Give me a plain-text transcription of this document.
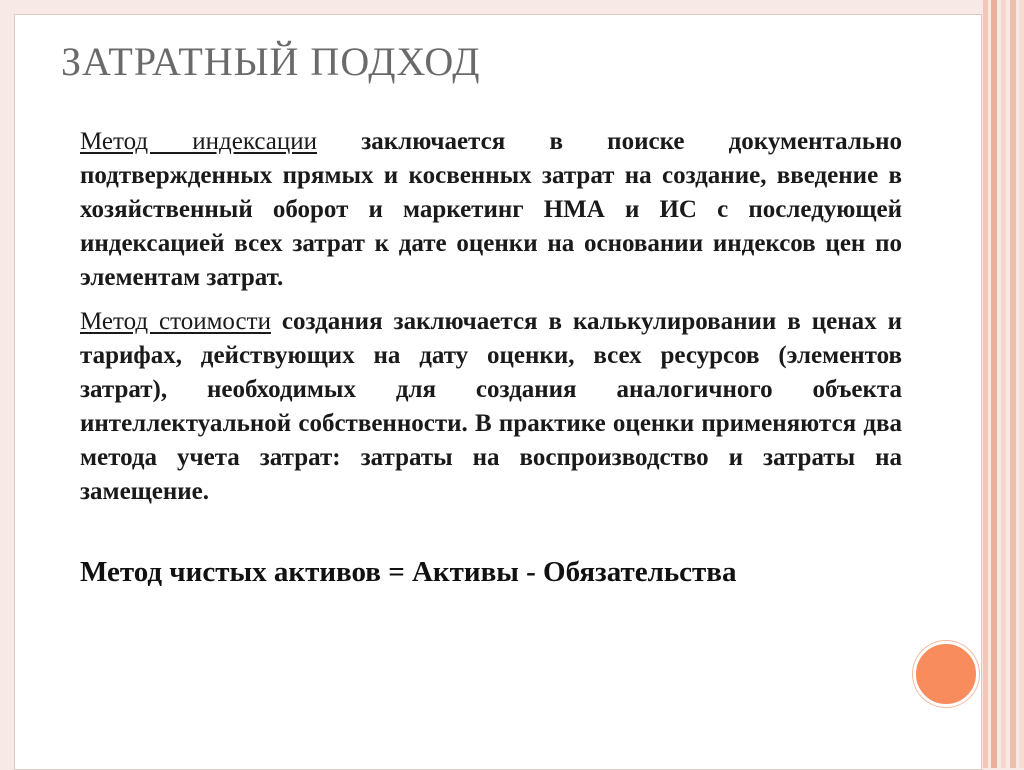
ЗАТРАТНЫЙ ПОДХОД

Метод индексации заключается в поиске документально подтвержденных прямых и косвенных затрат на создание, введение в хозяйственный оборот и маркетинг НМА и ИС с последующей индексацией всех затрат к дате оценки на основании индексов цен по элементам затрат.

Метод стоимости создания заключается в калькулировании в ценах и тарифах, действующих на дату оценки, всех ресурсов (элементов затрат), необходимых для создания аналогичного объекта интеллектуальной собственности. В практике оценки применяются два метода учета затрат: затраты на воспроизводство и затраты на замещение.

Метод чистых активов = Активы - Обязательства
